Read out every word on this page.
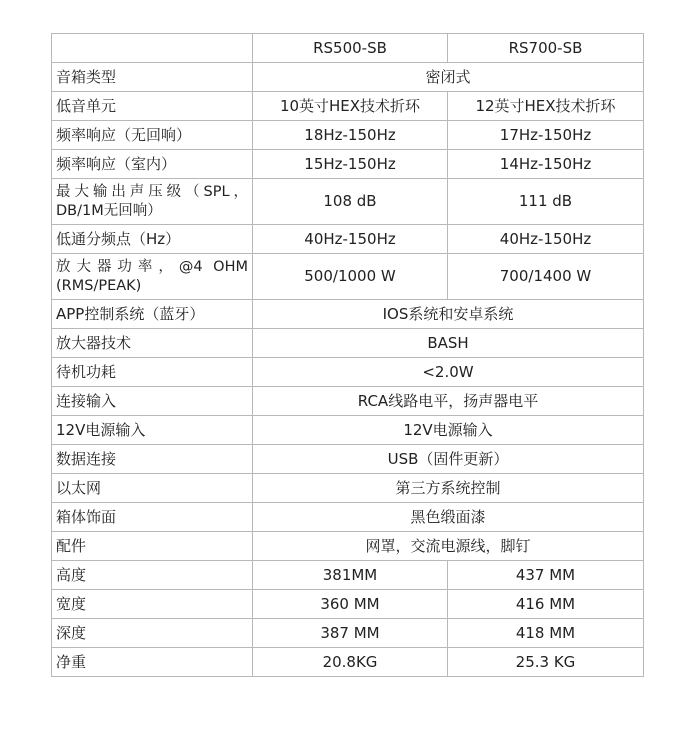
	RS500-SB	RS700-SB
音箱类型	密闭式	
低音单元	10英寸HEX技术折环	12英寸HEX技术折环
频率响应（无回响）	18Hz-150Hz	17Hz-150Hz
频率响应（室内）	15Hz-150Hz	14Hz-150Hz
最大输出声压级（SPL，DB/1M无回响）	108 dB	111 dB
低通分频点（Hz）	40Hz-150Hz	40Hz-150Hz
放大器功率，@4 OHM (RMS/PEAK)	500/1000 W	700/1400 W
APP控制系统（蓝牙）	IOS系统和安卓系统	
放大器技术	BASH	
待机功耗	<2.0W	
连接输入	RCA线路电平，扬声器电平	
12V电源输入	12V电源输入	
数据连接	USB（固件更新）	
以太网	第三方系统控制	
箱体饰面	黑色缎面漆	
配件	网罩，交流电源线，脚钉	
高度	381MM	437 MM
宽度	360 MM	416 MM
深度	387 MM	418 MM
净重	20.8KG	25.3 KG
